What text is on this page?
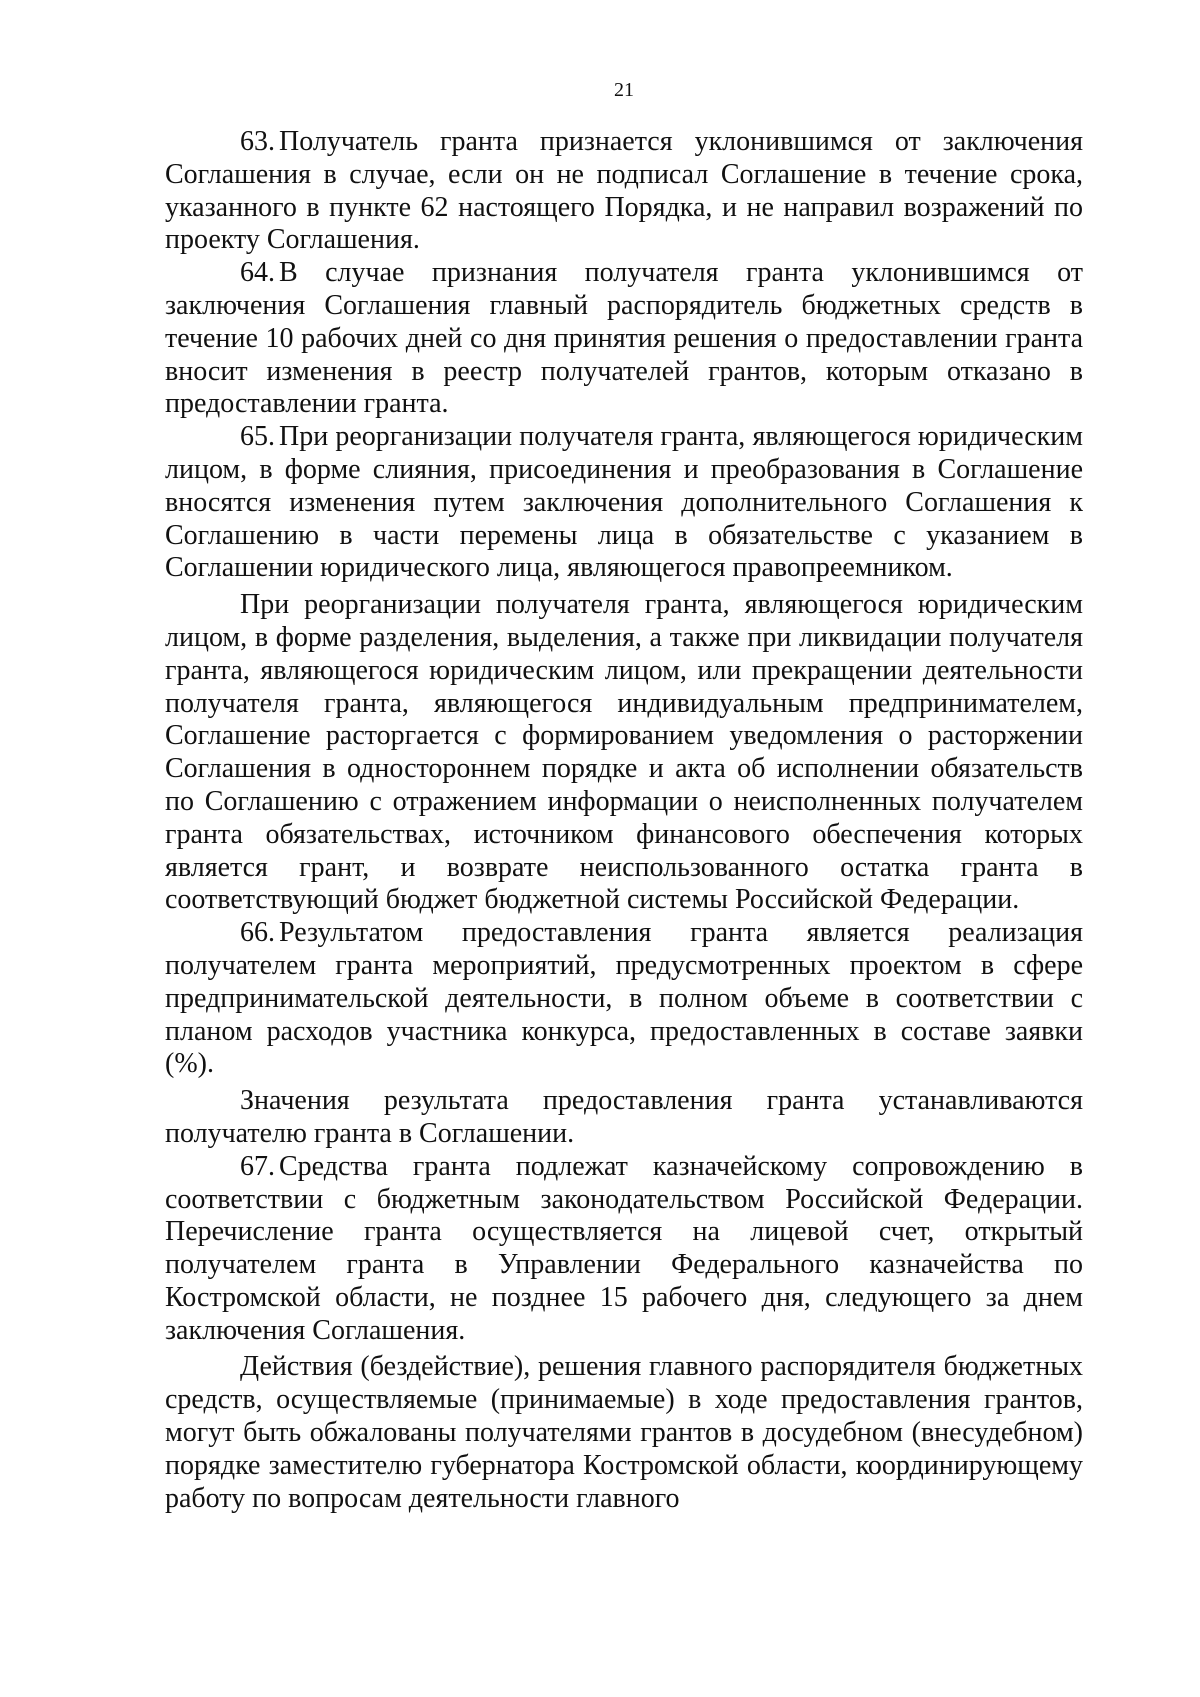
21

63. Получатель гранта признается уклонившимся от заключения Соглашения в случае, если он не подписал Соглашение в течение срока, указанного в пункте 62 настоящего Порядка, и не направил возражений по проекту Соглашения.

64. В случае признания получателя гранта уклонившимся от заключения Соглашения главный распорядитель бюджетных средств в течение 10 рабочих дней со дня принятия решения о предоставлении гранта вносит изменения в реестр получателей грантов, которым отказано в предоставлении гранта.

65. При реорганизации получателя гранта, являющегося юридическим лицом, в форме слияния, присоединения и преобразования в Соглашение вносятся изменения путем заключения дополнительного Соглашения к Соглашению в части перемены лица в обязательстве с указанием в Соглашении юридического лица, являющегося правопреемником.

При реорганизации получателя гранта, являющегося юридическим лицом, в форме разделения, выделения, а также при ликвидации получателя гранта, являющегося юридическим лицом, или прекращении деятельности получателя гранта, являющегося индивидуальным предпринимателем, Соглашение расторгается с формированием уведомления о расторжении Соглашения в одностороннем порядке и акта об исполнении обязательств по Соглашению с отражением информации о неисполненных получателем гранта обязательствах, источником финансового обеспечения которых является грант, и возврате неиспользованного остатка гранта в соответствующий бюджет бюджетной системы Российской Федерации.

66. Результатом предоставления гранта является реализация получателем гранта мероприятий, предусмотренных проектом в сфере предпринимательской деятельности, в полном объеме в соответствии с планом расходов участника конкурса, предоставленных в составе заявки (%).

Значения результата предоставления гранта устанавливаются получателю гранта в Соглашении.

67. Средства гранта подлежат казначейскому сопровождению в соответствии с бюджетным законодательством Российской Федерации. Перечисление гранта осуществляется на лицевой счет, открытый получателем гранта в Управлении Федерального казначейства по Костромской области, не позднее 15 рабочего дня, следующего за днем заключения Соглашения.

Действия (бездействие), решения главного распорядителя бюджетных средств, осуществляемые (принимаемые) в ходе предоставления грантов, могут быть обжалованы получателями грантов в досудебном (внесудебном) порядке заместителю губернатора Костромской области, координирующему работу по вопросам деятельности главного
